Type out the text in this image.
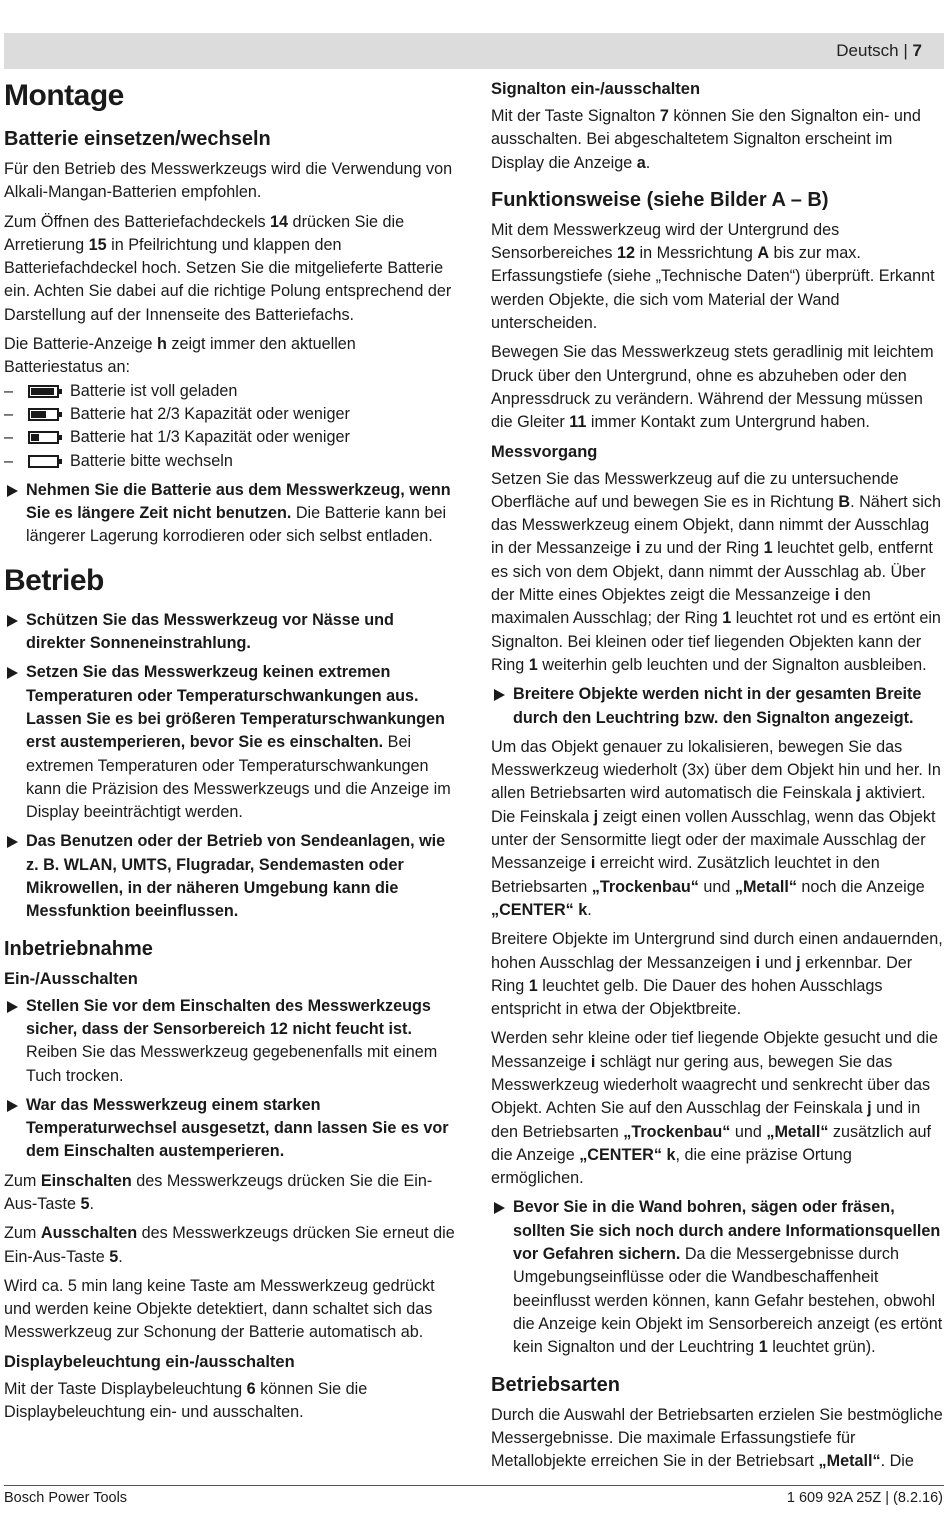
Deutsch | 7
Montage
Batterie einsetzen/wechseln

Für den Betrieb des Messwerkzeugs wird die Verwendung von Alkali-Mangan-Batterien empfohlen.

Zum Öffnen des Batteriefachdeckels 14 drücken Sie die Arretierung 15 in Pfeilrichtung und klappen den Batteriefachdeckel hoch. Setzen Sie die mitgelieferte Batterie ein. Achten Sie dabei auf die richtige Polung entsprechend der Darstellung auf der Innenseite des Batteriefachs.

Die Batterie-Anzeige h zeigt immer den aktuellen Batteriestatus an:

–	Batterie ist voll geladen
–	Batterie hat 2/3 Kapazität oder weniger
–	Batterie hat 1/3 Kapazität oder weniger
–	Batterie bitte wechseln

Nehmen Sie die Batterie aus dem Messwerkzeug, wenn Sie es längere Zeit nicht benutzen. Die Batterie kann bei längerer Lagerung korrodieren oder sich selbst entladen.

Betrieb

Schützen Sie das Messwerkzeug vor Nässe und direkter Sonneneinstrahlung.

Setzen Sie das Messwerkzeug keinen extremen Temperaturen oder Temperaturschwankungen aus. Lassen Sie es bei größeren Temperaturschwankungen erst austemperieren, bevor Sie es einschalten. Bei extremen Temperaturen oder Temperaturschwankungen kann die Präzision des Messwerkzeugs und die Anzeige im Display beeinträchtigt werden.

Das Benutzen oder der Betrieb von Sendeanlagen, wie z. B. WLAN, UMTS, Flugradar, Sendemasten oder Mikrowellen, in der näheren Umgebung kann die Messfunktion beeinflussen.

Inbetriebnahme
Ein-/Ausschalten

Stellen Sie vor dem Einschalten des Messwerkzeugs sicher, dass der Sensorbereich 12 nicht feucht ist. Reiben Sie das Messwerkzeug gegebenenfalls mit einem Tuch trocken.

War das Messwerkzeug einem starken Temperaturwechsel ausgesetzt, dann lassen Sie es vor dem Einschalten austemperieren.

Zum Einschalten des Messwerkzeugs drücken Sie die Ein-Aus-Taste 5.

Zum Ausschalten des Messwerkzeugs drücken Sie erneut die Ein-Aus-Taste 5.

Wird ca. 5 min lang keine Taste am Messwerkzeug gedrückt und werden keine Objekte detektiert, dann schaltet sich das Messwerkzeug zur Schonung der Batterie automatisch ab.

Displaybeleuchtung ein-/ausschalten

Mit der Taste Displaybeleuchtung 6 können Sie die Displaybeleuchtung ein- und ausschalten.

Signalton ein-/ausschalten

Mit der Taste Signalton 7 können Sie den Signalton ein- und ausschalten. Bei abgeschaltetem Signalton erscheint im Display die Anzeige a.

Funktionsweise (siehe Bilder A – B)

Mit dem Messwerkzeug wird der Untergrund des Sensorbereiches 12 in Messrichtung A bis zur max. Erfassungstiefe (siehe „Technische Daten“) überprüft. Erkannt werden Objekte, die sich vom Material der Wand unterscheiden.

Bewegen Sie das Messwerkzeug stets geradlinig mit leichtem Druck über den Untergrund, ohne es abzuheben oder den Anpressdruck zu verändern. Während der Messung müssen die Gleiter 11 immer Kontakt zum Untergrund haben.

Messvorgang

Setzen Sie das Messwerkzeug auf die zu untersuchende Oberfläche auf und bewegen Sie es in Richtung B. Nähert sich das Messwerkzeug einem Objekt, dann nimmt der Ausschlag in der Messanzeige i zu und der Ring 1 leuchtet gelb, entfernt es sich von dem Objekt, dann nimmt der Ausschlag ab. Über der Mitte eines Objektes zeigt die Messanzeige i den maximalen Ausschlag; der Ring 1 leuchtet rot und es ertönt ein Signalton. Bei kleinen oder tief liegenden Objekten kann der Ring 1 weiterhin gelb leuchten und der Signalton ausbleiben.

Breitere Objekte werden nicht in der gesamten Breite durch den Leuchtring bzw. den Signalton angezeigt.

Um das Objekt genauer zu lokalisieren, bewegen Sie das Messwerkzeug wiederholt (3x) über dem Objekt hin und her. In allen Betriebsarten wird automatisch die Feinskala j aktiviert. Die Feinskala j zeigt einen vollen Ausschlag, wenn das Objekt unter der Sensormitte liegt oder der maximale Ausschlag der Messanzeige i erreicht wird. Zusätzlich leuchtet in den Betriebsarten „Trockenbau“ und „Metall“ noch die Anzeige „CENTER“ k.

Breitere Objekte im Untergrund sind durch einen andauernden, hohen Ausschlag der Messanzeigen i und j erkennbar. Der Ring 1 leuchtet gelb. Die Dauer des hohen Ausschlags entspricht in etwa der Objektbreite.

Werden sehr kleine oder tief liegende Objekte gesucht und die Messanzeige i schlägt nur gering aus, bewegen Sie das Messwerkzeug wiederholt waagrecht und senkrecht über das Objekt. Achten Sie auf den Ausschlag der Feinskala j und in den Betriebsarten „Trockenbau“ und „Metall“ zusätzlich auf die Anzeige „CENTER“ k, die eine präzise Ortung ermöglichen.

Bevor Sie in die Wand bohren, sägen oder fräsen, sollten Sie sich noch durch andere Informationsquellen vor Gefahren sichern. Da die Messergebnisse durch Umgebungseinflüsse oder die Wandbeschaffenheit beeinflusst werden können, kann Gefahr bestehen, obwohl die Anzeige kein Objekt im Sensorbereich anzeigt (es ertönt kein Signalton und der Leuchtring 1 leuchtet grün).

Betriebsarten

Durch die Auswahl der Betriebsarten erzielen Sie bestmögliche Messergebnisse. Die maximale Erfassungstiefe für Metallobjekte erreichen Sie in der Betriebsart „Metall“. Die

Bosch Power Tools	1 609 92A 25Z | (8.2.16)
